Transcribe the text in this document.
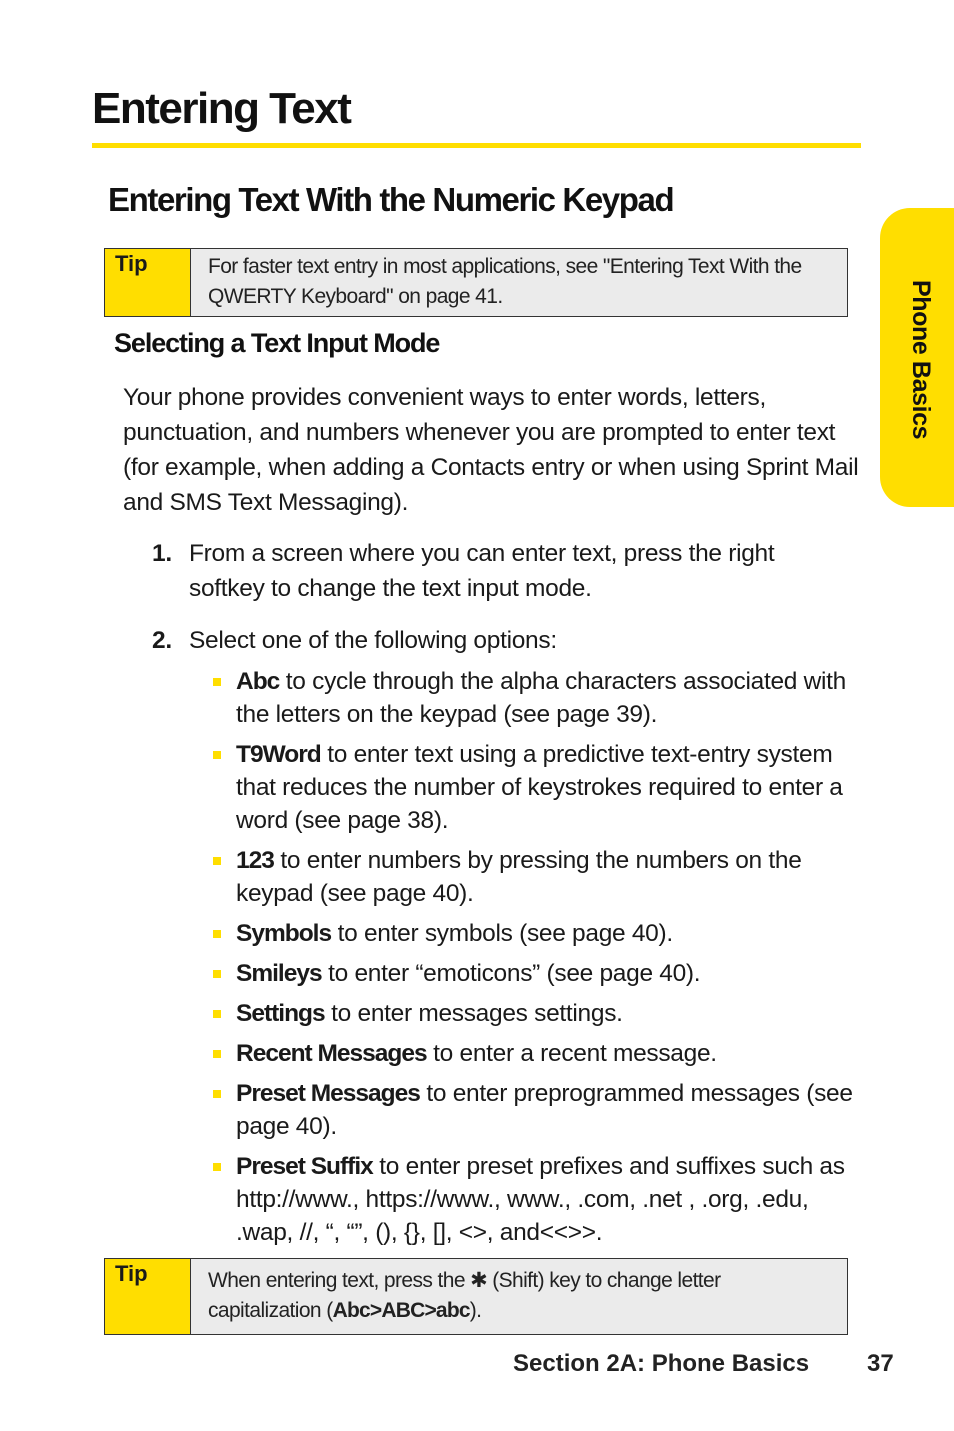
Entering Text
Entering Text With the Numeric Keypad
Tip	For faster text entry in most applications, see "Entering Text With the QWERTY Keyboard" on page 41.
Selecting a Text Input Mode

Your phone provides convenient ways to enter words, letters, punctuation, and numbers whenever you are prompted to enter text (for example, when adding a Contacts entry or when using Sprint Mail and SMS Text Messaging).

1. From a screen where you can enter text, press the right softkey to change the text input mode.
2. Select one of the following options:
Abc to cycle through the alpha characters associated with the letters on the keypad (see page 39).
T9Word to enter text using a predictive text-entry system that reduces the number of keystrokes required to enter a word (see page 38).
123 to enter numbers by pressing the numbers on the keypad (see page 40).
Symbols to enter symbols (see page 40).
Smileys to enter “emoticons” (see page 40).
Settings to enter messages settings.
Recent Messages to enter a recent message.
Preset Messages to enter preprogrammed messages (see page 40).
Preset Suffix to enter preset prefixes and suffixes such as http://www., https://www., www., .com, .net , .org, .edu, .wap, //, “, “”, (), {}, [], <>, and<<>>.
Tip	When entering text, press the ✱ (Shift) key to change letter capitalization (Abc>ABC>abc).
Phone Basics
Section 2A: Phone Basics 37
